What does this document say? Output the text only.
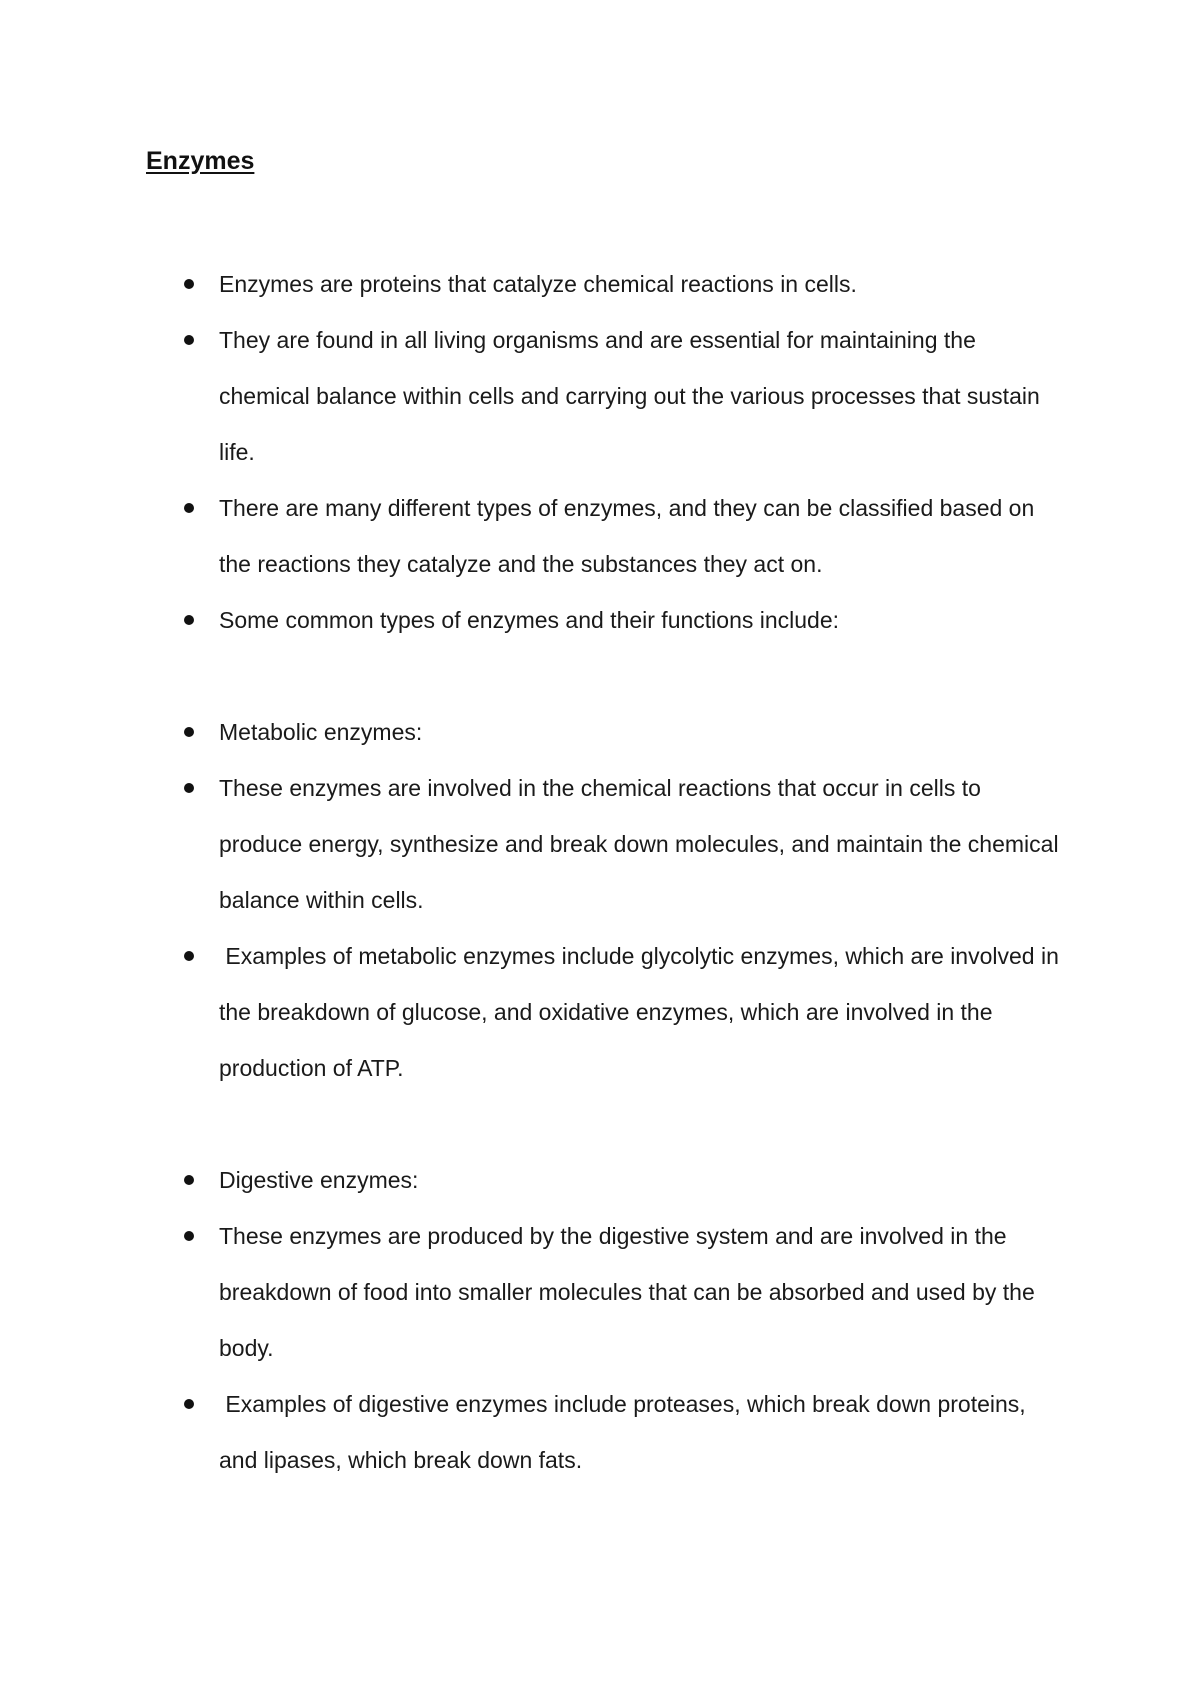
Enzymes
Enzymes are proteins that catalyze chemical reactions in cells.
They are found in all living organisms and are essential for maintaining the chemical balance within cells and carrying out the various processes that sustain life.
There are many different types of enzymes, and they can be classified based on the reactions they catalyze and the substances they act on.
Some common types of enzymes and their functions include:
Metabolic enzymes:
These enzymes are involved in the chemical reactions that occur in cells to produce energy, synthesize and break down molecules, and maintain the chemical balance within cells.
Examples of metabolic enzymes include glycolytic enzymes, which are involved in the breakdown of glucose, and oxidative enzymes, which are involved in the production of ATP.
Digestive enzymes:
These enzymes are produced by the digestive system and are involved in the breakdown of food into smaller molecules that can be absorbed and used by the body.
Examples of digestive enzymes include proteases, which break down proteins, and lipases, which break down fats.
